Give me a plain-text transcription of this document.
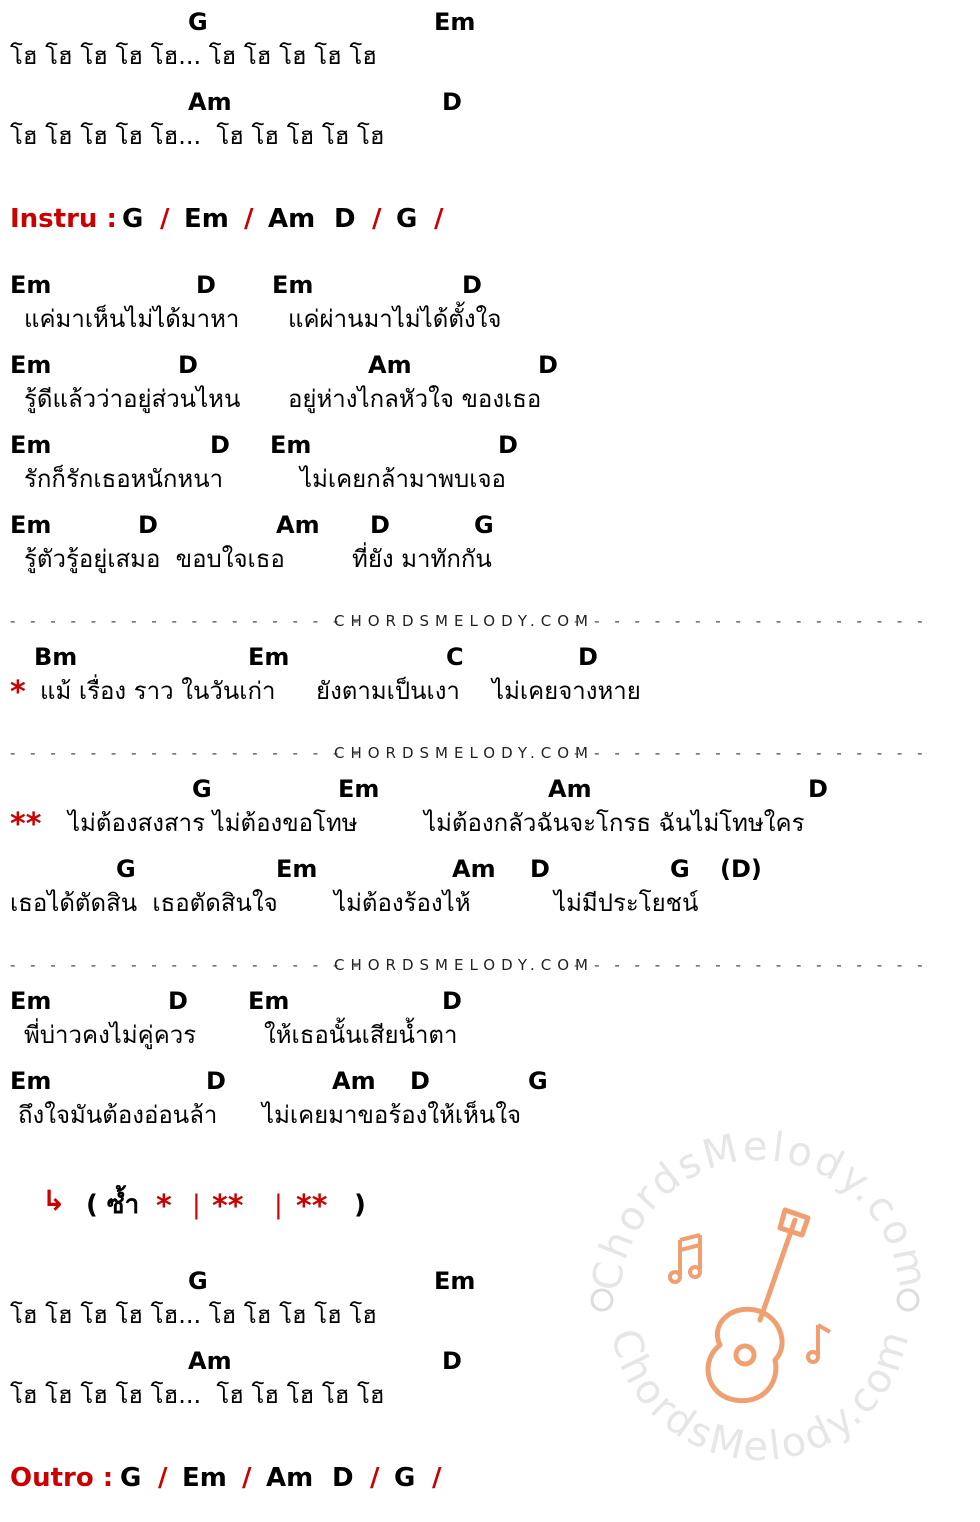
G	Em
โฮ โฮ โฮ โฮ โฮ... โฮ โฮ โฮ โฮ โฮ
Am	D
โฮ โฮ โฮ โฮ โฮ...  โฮ โฮ โฮ โฮ โฮ
Instru : G / Em / Am D / G /
Em	D Em	D
แค่มาเห็นไม่ได้มาหา แค่ผ่านมาไม่ได้ตั้งใจ
Em	D	Am	D
รู้ดีแล้วว่าอยู่ส่วนไหน อยู่ห่างไกลหัวใจ ของเธอ
Em	D Em	D
รักก็รักเธอหนักหนา	ไม่เคยกล้ามาพบเจอ
Em	D	Am D	G
รู้ตัวรู้อยู่เสมอ  ขอบใจเธอ	ที่ยัง มาทักกัน
- - - - - - - - - - - - - - - - - -
CHORDSMELODY.COM
- - - - - - - - - - - - - - - - - -
Bm	Em	C	D
* แม้ เรื่อง ราว ในวันเก่า ยังตามเป็นเงา ไม่เคยจางหาย
- - - - - - - - - - - - - - - - - -
CHORDSMELODY.COM
- - - - - - - - - - - - - - - - - -
G	Em	Am	D
** ไม่ต้องสงสาร ไม่ต้องขอโทษ	ไม่ต้องกลัวฉันจะโกรธ ฉันไม่โทษใคร
G	Em	Am D	G (D)
เธอได้ตัดสิน  เธอตัดสินใจ ไม่ต้องร้องไห้	ไม่มีประโยชน์
- - - - - - - - - - - - - - - - - -
CHORDSMELODY.COM
- - - - - - - - - - - - - - - - - -
Em	D	Em	D
พี่บ่าวคงไม่คู่ควร	ให้เธอนั้นเสียน้ำตา
Em	D	Am D	G
ถึงใจมันต้องอ่อนล้า ไม่เคยมาขอร้องให้เห็นใจ
↳ ( ซ้ำ * | ** | ** )
G	Em
โฮ โฮ โฮ โฮ โฮ... โฮ โฮ โฮ โฮ โฮ
Am	D
โฮ โฮ โฮ โฮ โฮ...  โฮ โฮ โฮ โฮ โฮ
Outro : G / Em / Am D / G /
ChordsMelody.com
ChordsMelody.com
